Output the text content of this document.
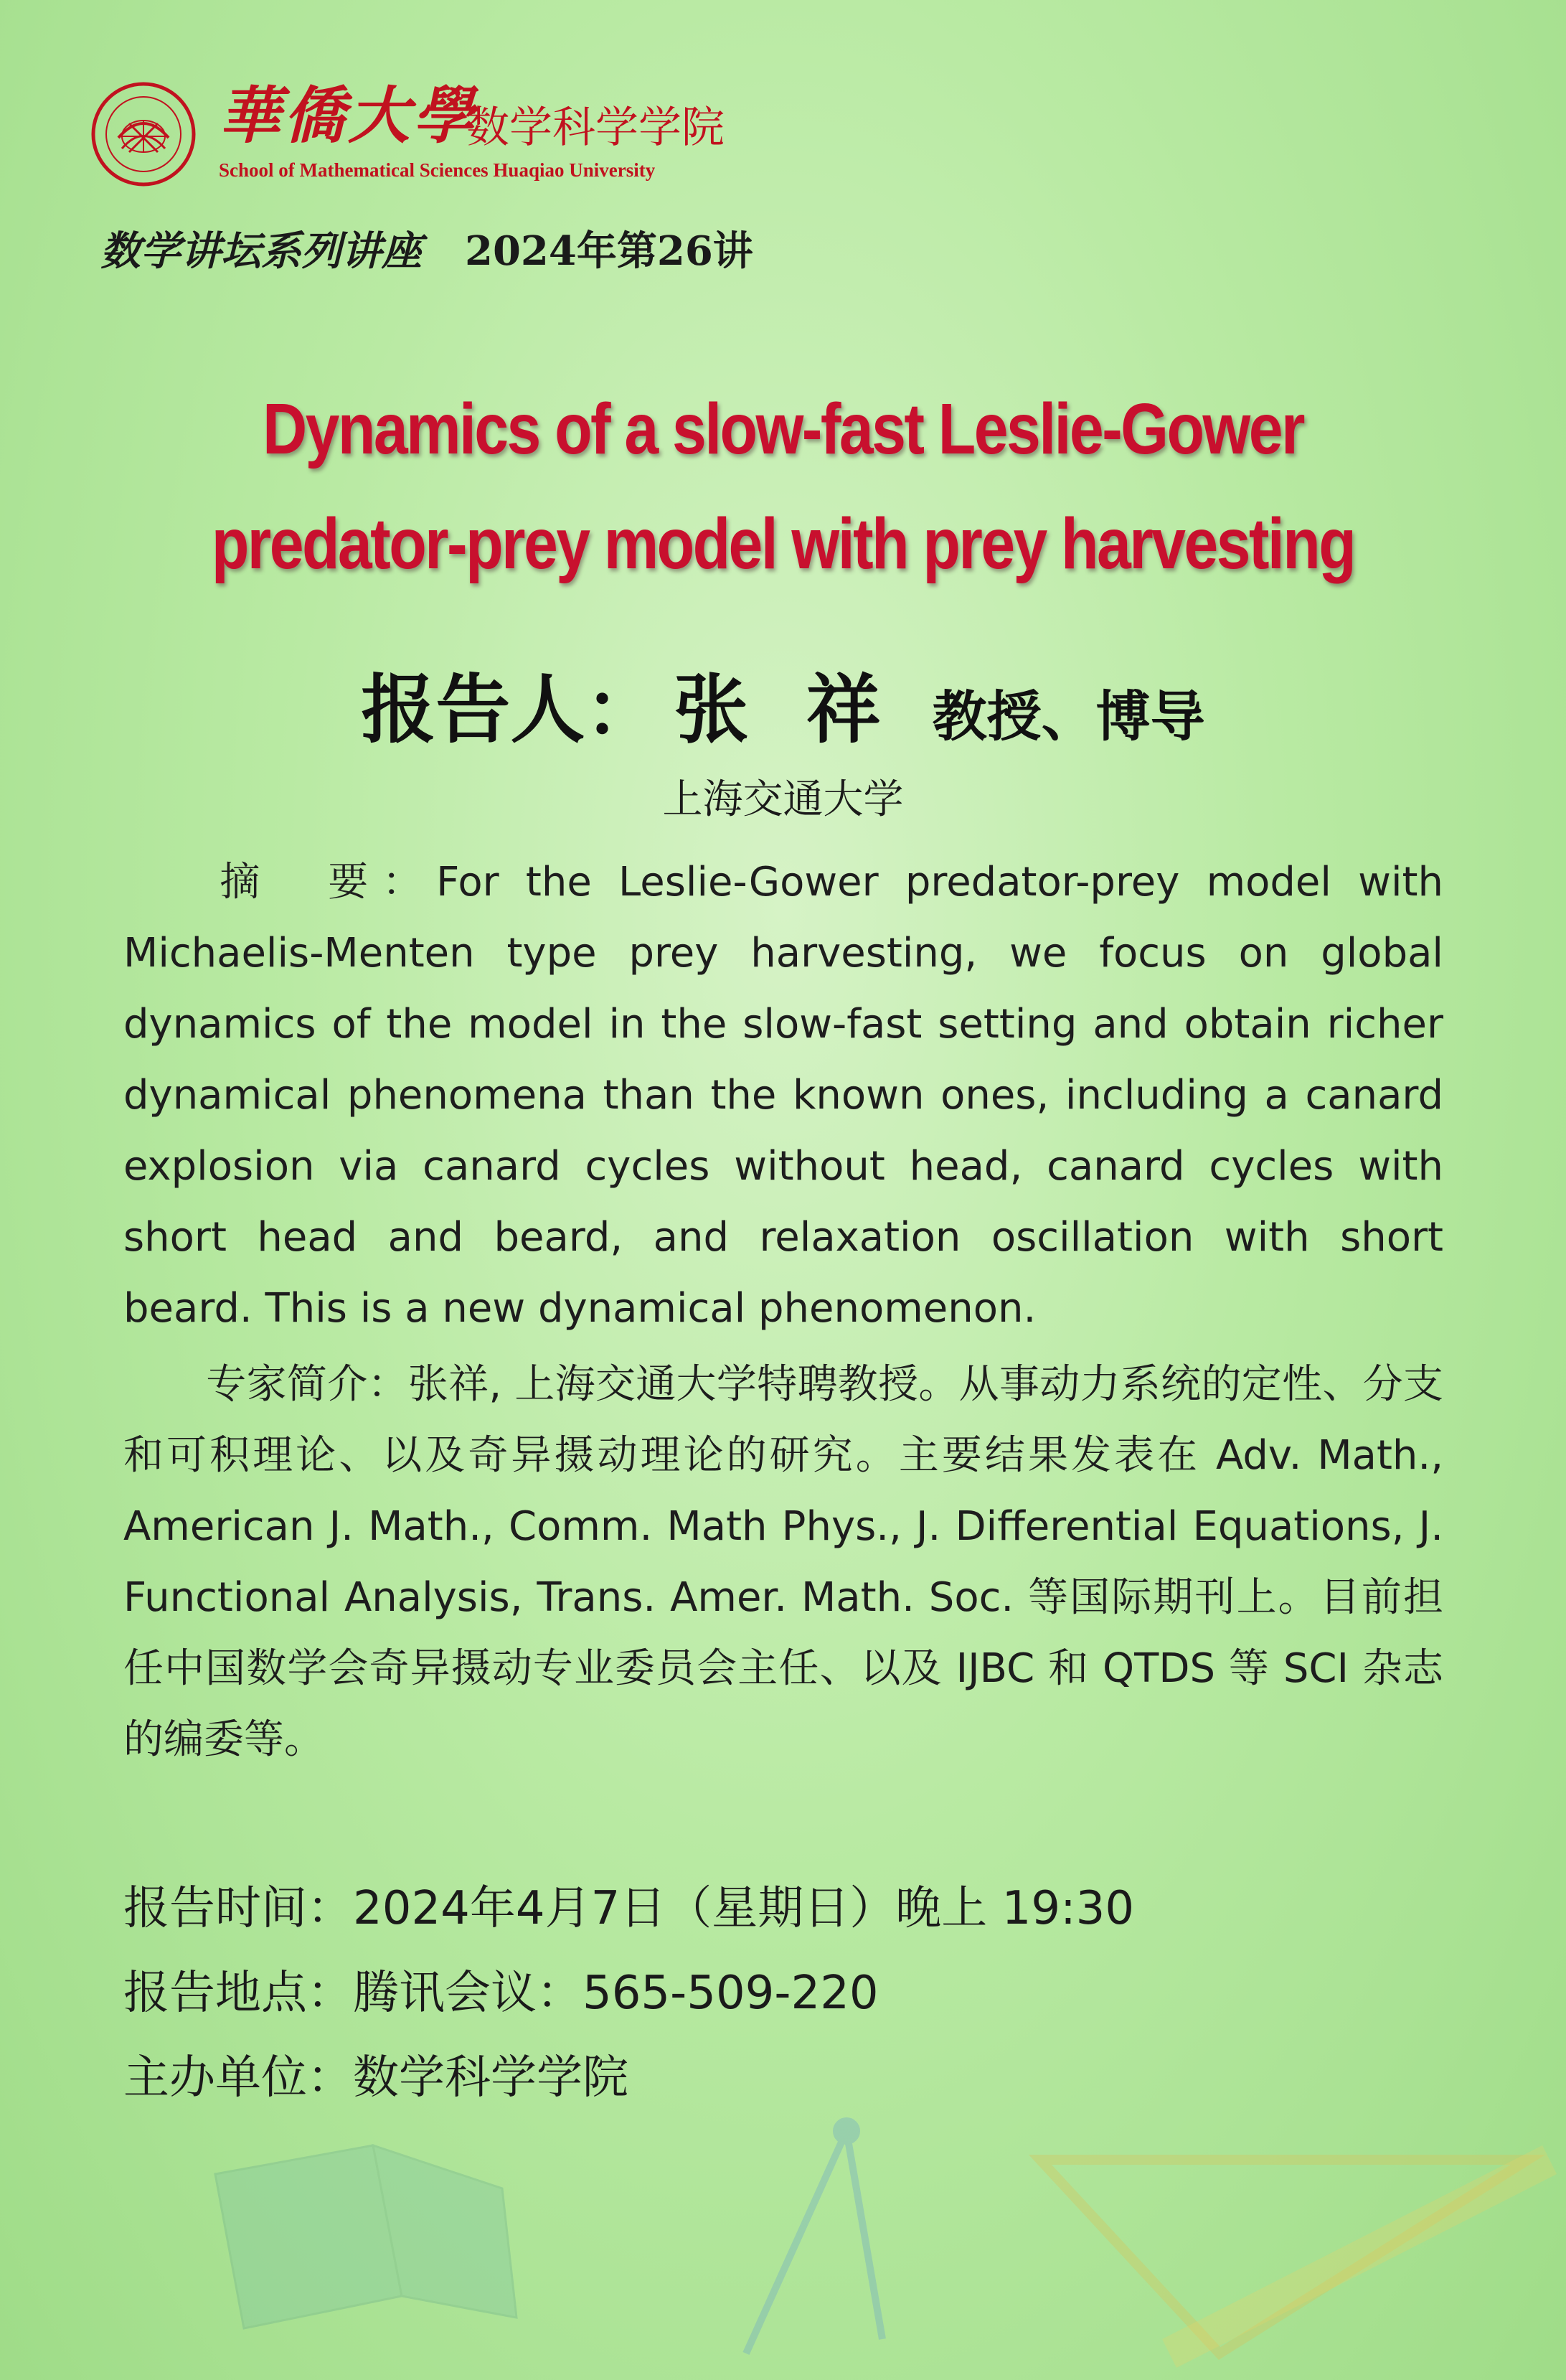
華僑大學
数学科学学院
School of Mathematical Sciences Huaqiao University
数学讲坛系列讲座 2024年第26讲
Dynamics of a slow-fast Leslie-Gower
predator-prey model with prey harvesting
报告人： 张 祥 教授、博导
上海交通大学
摘　要：For the Leslie-Gower predator-prey model with Michaelis-Menten type prey harvesting, we focus on global dynamics of the model in the slow-fast setting and obtain richer dynamical phenomena than the known ones, including a canard explosion via canard cycles without head, canard cycles with short head and beard, and relaxation oscillation with short beard. This is a new dynamical phenomenon.
专家简介：张祥, 上海交通大学特聘教授。从事动力系统的定性、分支和可积理论、以及奇异摄动理论的研究。主要结果发表在 Adv. Math., American J. Math., Comm. Math Phys., J. Differential Equations, J. Functional Analysis, Trans. Amer. Math. Soc. 等国际期刊上。目前担任中国数学会奇异摄动专业委员会主任、以及 IJBC 和 QTDS 等 SCI 杂志的编委等。
报告时间：2024年4月7日（星期日）晚上 19:30
报告地点：腾讯会议：565-509-220
主办单位：数学科学学院
